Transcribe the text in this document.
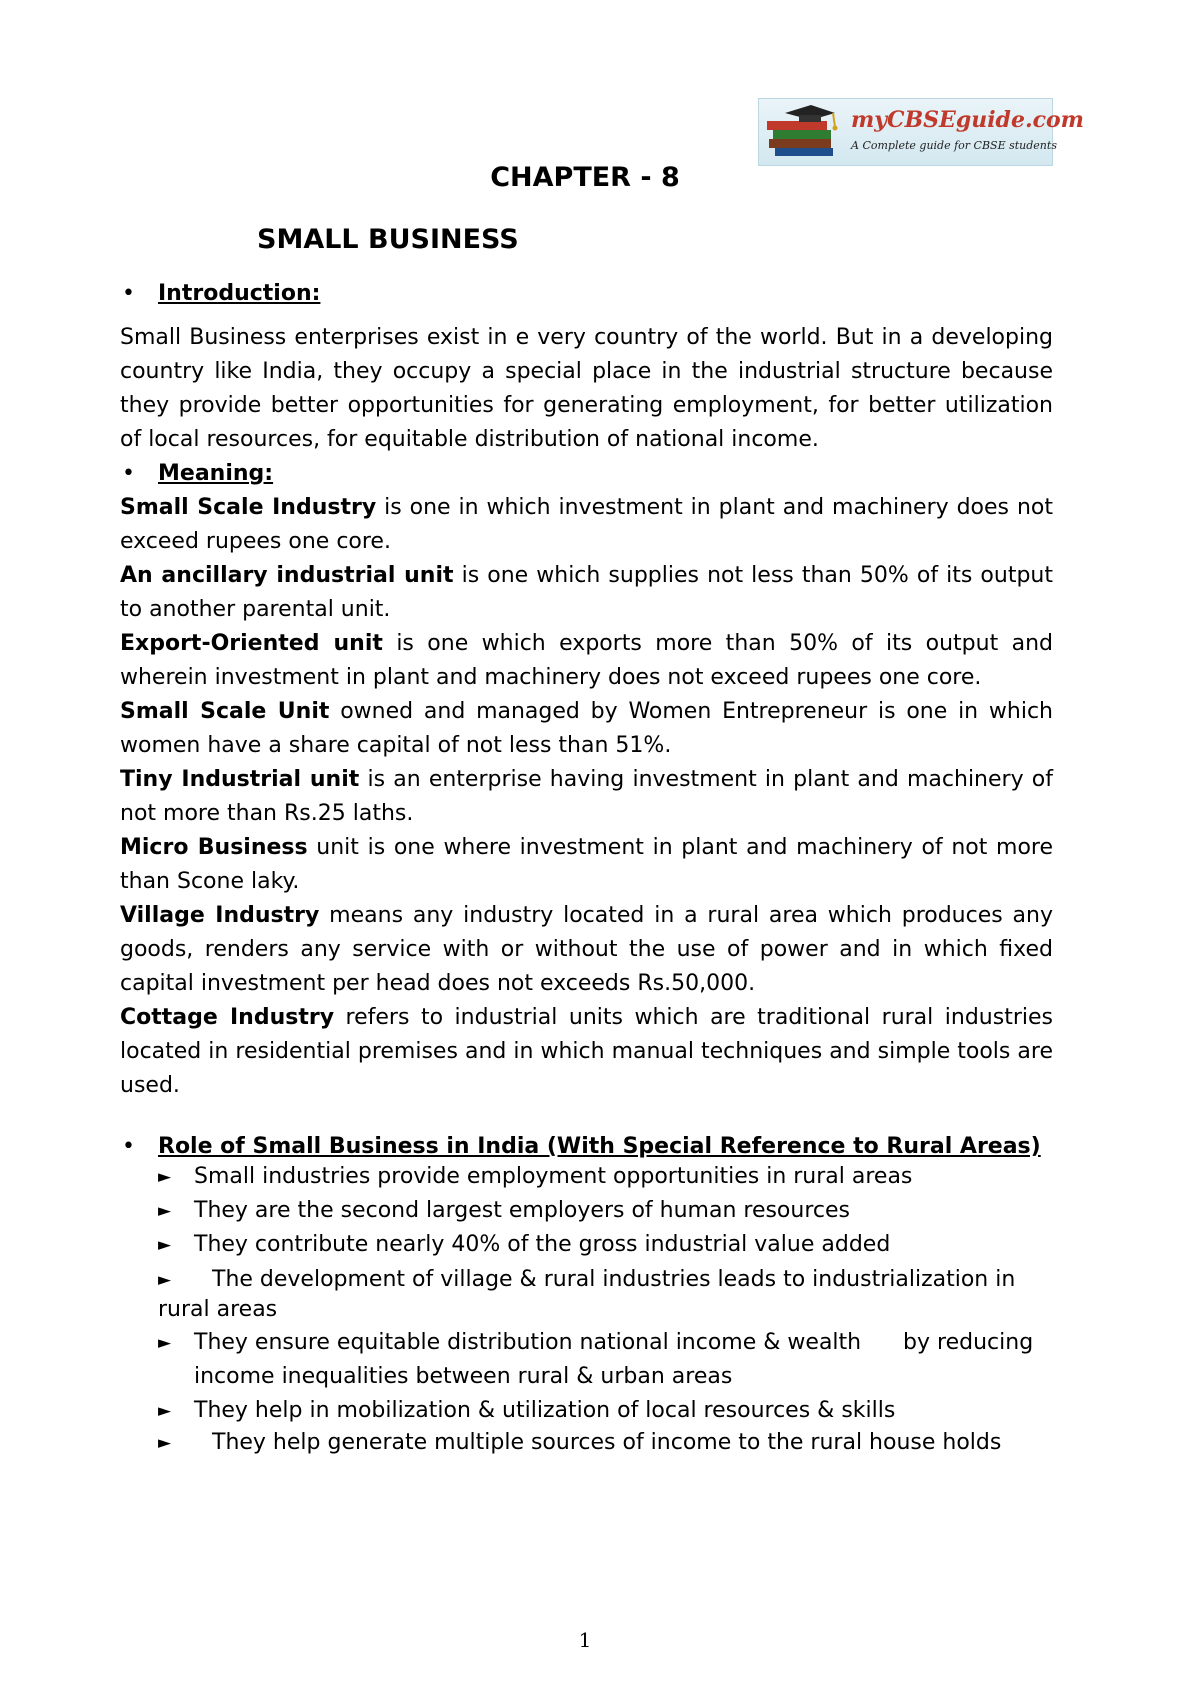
myCBSEguide.com
A Complete guide for CBSE students
CHAPTER - 8
SMALL BUSINESS

• Introduction:

Small Business enterprises exist in e very country of the world. But in a developing country like India, they occupy a special place in the industrial structure because they provide better opportunities for generating employment, for better utilization of local resources, for equitable distribution of national income.

• Meaning:

Small Scale Industry is one in which investment in plant and machinery does not exceed rupees one core.

An ancillary industrial unit is one which supplies not less than 50% of its output to another parental unit.

Export-Oriented unit is one which exports more than 50% of its output and wherein investment in plant and machinery does not exceed rupees one core.

Small Scale Unit owned and managed by Women Entrepreneur is one in which women have a share capital of not less than 51%.

Tiny Industrial unit is an enterprise having investment in plant and machinery of not more than Rs.25 laths.

Micro Business unit is one where investment in plant and machinery of not more than Scone laky.

Village Industry means any industry located in a rural area which produces any goods, renders any service with or without the use of power and in which fixed capital investment per head does not exceeds Rs.50,000.

Cottage Industry refers to industrial units which are traditional rural industries located in residential premises and in which manual techniques and simple tools are used.

• Role of Small Business in India (With Special Reference to Rural Areas)

► Small industries provide employment opportunities in rural areas
► They are the second largest employers of human resources
► They contribute nearly 40% of the gross industrial value added
► The development of village & rural industries leads to industrialization in rural areas
►	They ensure equitable distribution national income & wealth      by reducing income inequalities between rural & urban areas
► They help in mobilization & utilization of local resources & skills
► They help generate multiple sources of income to the rural house holds
1
